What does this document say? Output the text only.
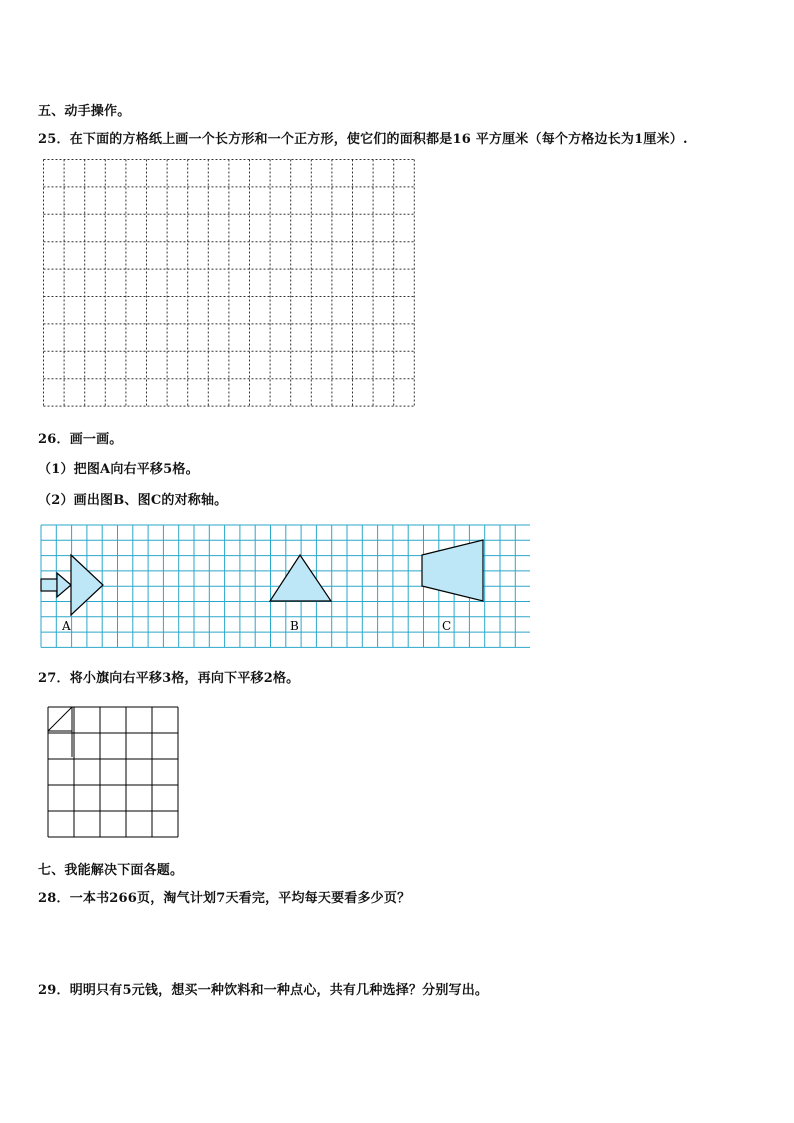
五、动手操作。
25．在下面的方格纸上画一个长方形和一个正方形，使它们的面积都是16 平方厘米（每个方格边长为1厘米）.
26．画一画。
（1）把图A向右平移5格。
（2）画出图B、图C的对称轴。
A	B	C
27．将小旗向右平移3格，再向下平移2格。
七、我能解决下面各题。
28．一本书266页，淘气计划7天看完，平均每天要看多少页？
29．明明只有5元钱，想买一种饮料和一种点心，共有几种选择？分别写出。
